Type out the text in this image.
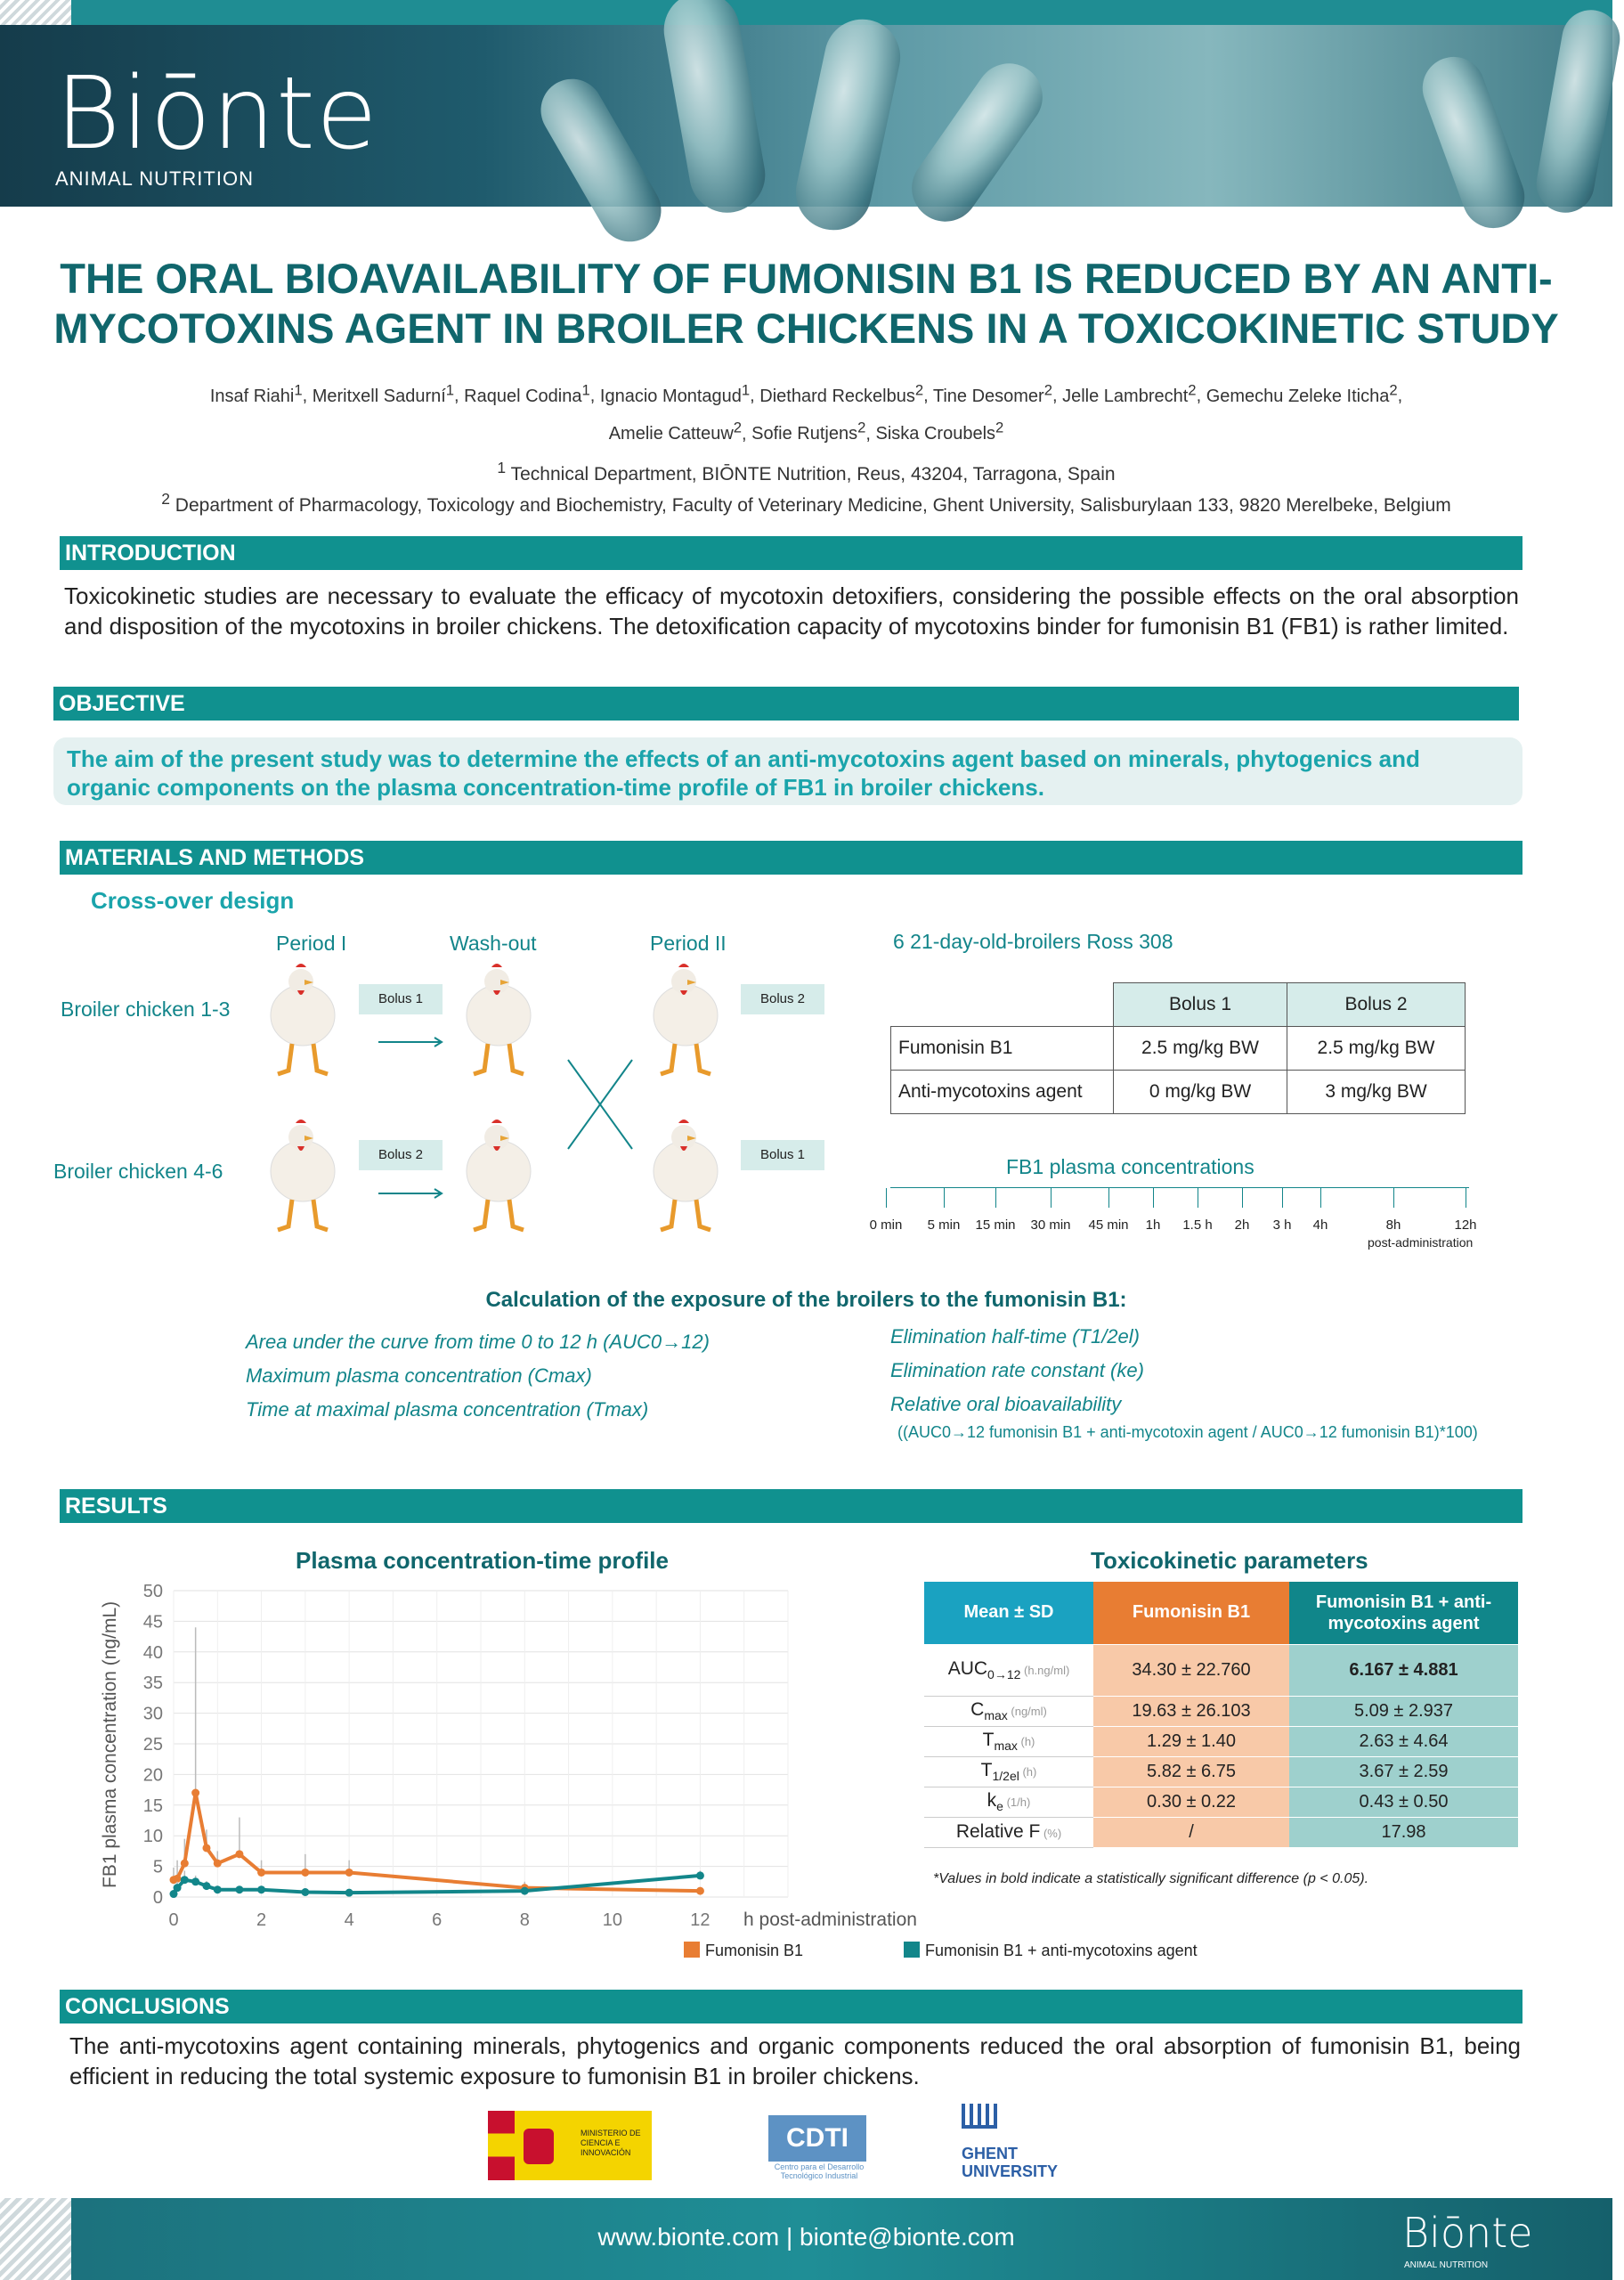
Biōnte
ANIMAL NUTRITION
THE ORAL BIOAVAILABILITY OF FUMONISIN B1 IS REDUCED BY AN ANTI-MYCOTOXINS AGENT IN BROILER CHICKENS IN A TOXICOKINETIC STUDY
Insaf Riahi$^1$, Meritxell Sadurní$^1$, Raquel Codina$^1$, Ignacio Montagud$^1$, Diethard Reckelbus$^2$, Tine Desomer$^2$, Jelle Lambrecht$^2$, Gemechu Zeleke Iticha$^2$,
Amelie Catteuw$^2$, Sofie Rutjens$^2$, Siska Croubels$^2$
$^1$ Technical Department, BIŌNTE Nutrition, Reus, 43204, Tarragona, Spain
$^2$ Department of Pharmacology, Toxicology and Biochemistry, Faculty of Veterinary Medicine, Ghent University, Salisburylaan 133, 9820 Merelbeke, Belgium
INTRODUCTION
Toxicokinetic studies are necessary to evaluate the efficacy of mycotoxin detoxifiers, considering the possible effects on the oral absorption and disposition of the mycotoxins in broiler chickens. The detoxification capacity of mycotoxins binder for fumonisin B1 (FB1) is rather limited.
OBJECTIVE
The aim of the present study was to determine the effects of an anti-mycotoxins agent based on minerals, phytogenics and organic components on the plasma concentration-time profile of FB1 in broiler chickens.
MATERIALS AND METHODS
Cross-over design
Period I	Wash-out	Period II
Broiler chicken 1-3
Broiler chicken 4-6
Bolus 1	Bolus 2
Bolus 2	Bolus 1
6 21-day-old-broilers Ross 308
	Bolus 1	Bolus 2
Fumonisin B1	2.5 mg/kg BW	2.5 mg/kg BW
Anti-mycotoxins agent	0 mg/kg BW	3 mg/kg BW
FB1 plasma concentrations
0 min	5 min	15 min	30 min	45 min	1h	1.5 h	2h	3 h	4h	8h	12h
post-administration
Calculation of the exposure of the broilers to the fumonisin B1:
Area under the curve from time 0 to 12 h (AUC0→12)
Maximum plasma concentration (Cmax)
Time at maximal plasma concentration (Tmax)
Elimination half-time (T1/2el)
Elimination rate constant (ke)
Relative oral bioavailability
((AUC0→12 fumonisin B1 + anti-mycotoxin agent / AUC0→12 fumonisin B1)*100)
RESULTS
Plasma concentration-time profile
0
5
10
15
20
25
30
35
40
45
50
0	2	4	6	8	10	12 h post-administration
FB1 plasma concentration (ng/mL)
Fumonisin B1	Fumonisin B1 + anti-mycotoxins agent
Toxicokinetic parameters
Mean ± SD	Fumonisin B1	Fumonisin B1 + anti-mycotoxins agent
$AUC_{0\to 12}$ (h.ng/ml)	34.30 ± 22.760	6.167 ± 4.881
$C_{max}$ (ng/ml)	19.63 ± 26.103	5.09 ± 2.937
$T_{max}$ (h)	1.29 ± 1.40	2.63 ± 4.64
$T_{1/2el}$ (h)	5.82 ± 6.75	3.67 ± 2.59
$k_e$ (1/h)	0.30 ± 0.22	0.43 ± 0.50
Relative F (%)	/	17.98
*Values in bold indicate a statistically significant difference (p < 0.05).
CONCLUSIONS
The anti-mycotoxins agent containing minerals, phytogenics and organic components reduced the oral absorption of fumonisin B1, being efficient in reducing the total systemic exposure to fumonisin B1 in broiler chickens.
MINISTERIO DE CIENCIA E INNOVACIÓN	CDTI
Centro para el Desarrollo Tecnológico Industrial
GHENT
UNIVERSITY
www.bionte.com | bionte@bionte.com	Biōnte
ANIMAL NUTRITION
